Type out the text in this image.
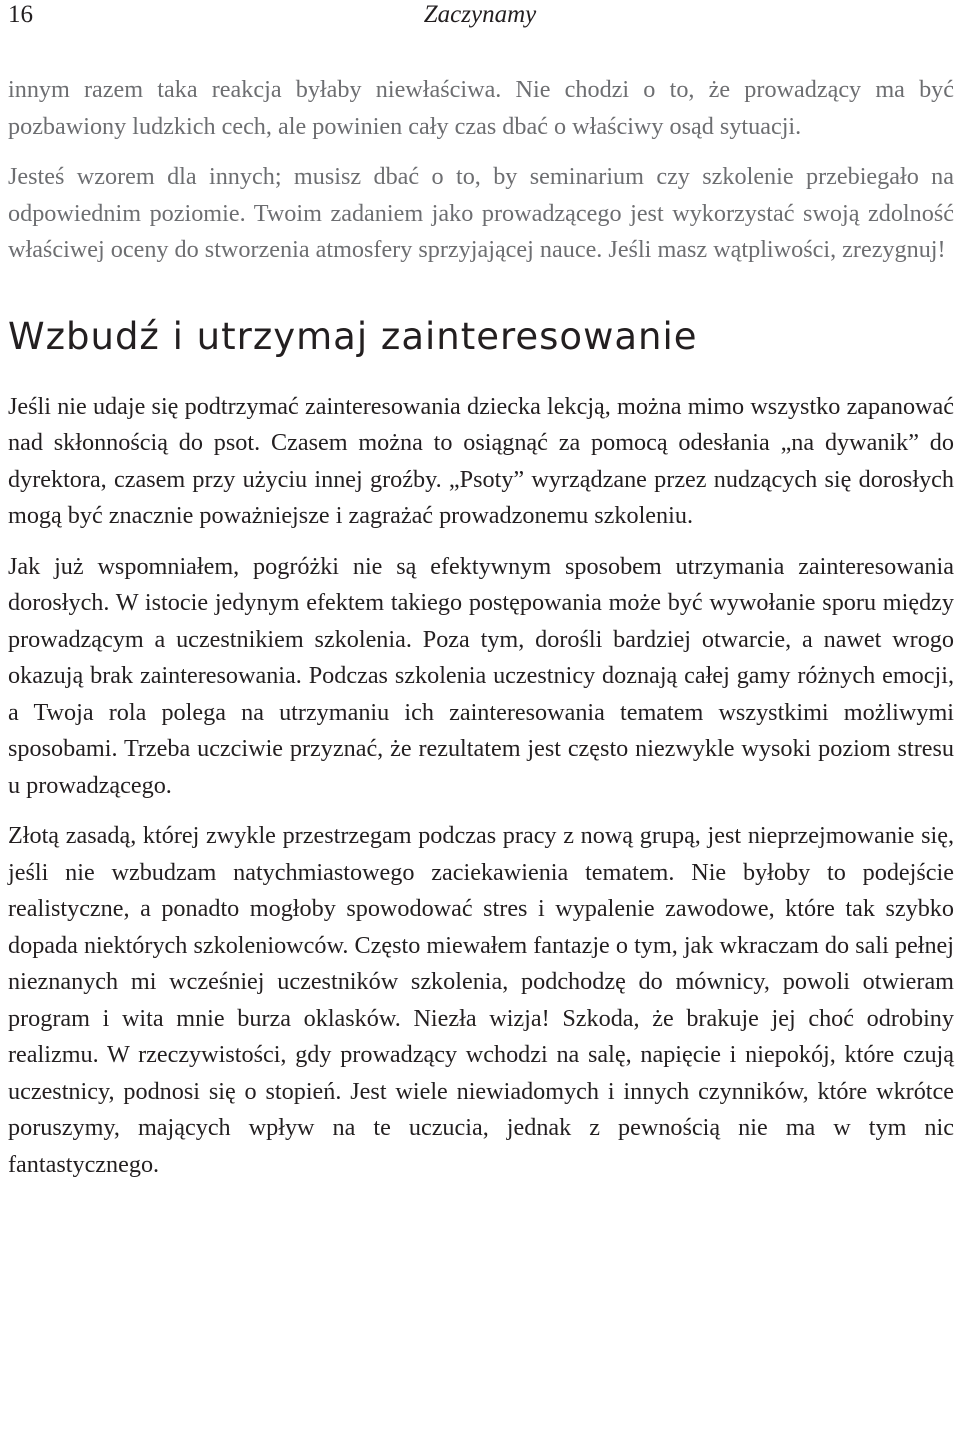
16	Zaczynamy

innym razem taka reakcja byłaby niewłaściwa. Nie chodzi o to, że prowadzący ma być pozbawiony ludzkich cech, ale powinien cały czas dbać o właściwy osąd sytuacji.

Jesteś wzorem dla innych; musisz dbać o to, by seminarium czy szkolenie przebiegało na odpowiednim poziomie. Twoim zadaniem jako prowadzącego jest wykorzystać swoją zdolność właściwej oceny do stworzenia atmosfery sprzyjającej nauce. Jeśli masz wątpliwości, zrezygnuj!

Wzbudź i utrzymaj zainteresowanie

Jeśli nie udaje się podtrzymać zainteresowania dziecka lekcją, można mimo wszystko zapanować nad skłonnością do psot. Czasem można to osiągnąć za pomocą odesłania „na dywanik” do dyrektora, czasem przy użyciu innej groźby. „Psoty” wyrządzane przez nudzących się dorosłych mogą być znacznie poważniejsze i zagrażać prowadzonemu szkoleniu.

Jak już wspomniałem, pogróżki nie są efektywnym sposobem utrzymania zainteresowania dorosłych. W istocie jedynym efektem takiego postępowania może być wywołanie sporu między prowadzącym a uczestnikiem szkolenia. Poza tym, dorośli bardziej otwarcie, a nawet wrogo okazują brak zainteresowania. Podczas szkolenia uczestnicy doznają całej gamy różnych emocji, a Twoja rola polega na utrzymaniu ich zainteresowania tematem wszystkimi możliwymi sposobami. Trzeba uczciwie przyznać, że rezultatem jest często niezwykle wysoki poziom stresu u prowadzącego.

Złotą zasadą, której zwykle przestrzegam podczas pracy z nową grupą, jest nieprzejmowanie się, jeśli nie wzbudzam natychmiastowego zaciekawienia tematem. Nie byłoby to podejście realistyczne, a ponadto mogłoby spowodować stres i wypalenie zawodowe, które tak szybko dopada niektórych szkoleniowców. Często miewałem fantazje o tym, jak wkraczam do sali pełnej nieznanych mi wcześniej uczestników szkolenia, podchodzę do mównicy, powoli otwieram program i wita mnie burza oklasków. Niezła wizja! Szkoda, że brakuje jej choć odrobiny realizmu. W rzeczywistości, gdy prowadzący wchodzi na salę, napięcie i niepokój, które czują uczestnicy, podnosi się o stopień. Jest wiele niewiadomych i innych czynników, które wkrótce poruszymy, mających wpływ na te uczucia, jednak z pewnością nie ma w tym nic fantastycznego.
